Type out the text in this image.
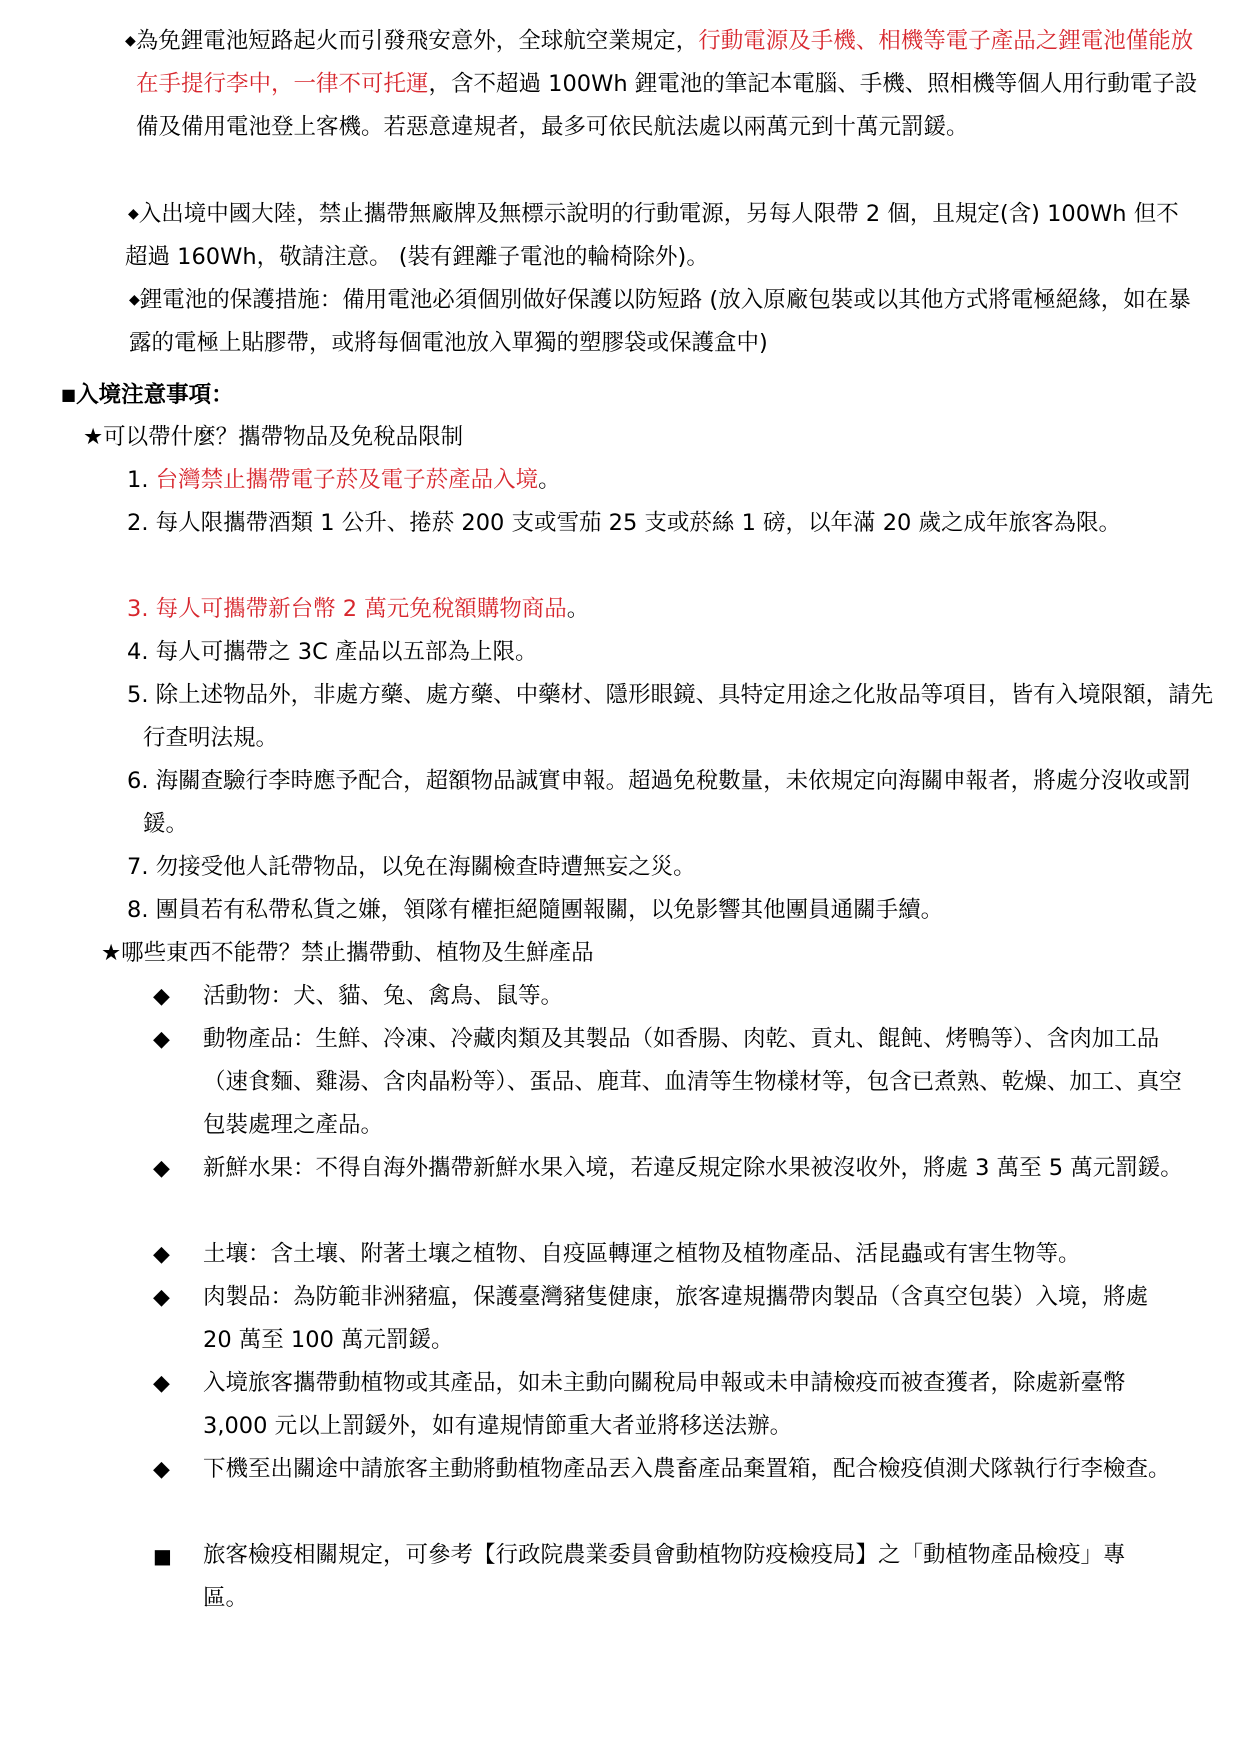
◆為免鋰電池短路起火而引發飛安意外，全球航空業規定，行動電源及手機、相機等電子產品之鋰電池僅能放在手提行李中，一律不可托運，含不超過 100Wh 鋰電池的筆記本電腦、手機、照相機等個人用行動電子設備及備用電池登上客機。若惡意違規者，最多可依民航法處以兩萬元到十萬元罰鍰。
◆入出境中國大陸，禁止攜帶無廠牌及無標示說明的行動電源，另每人限帶 2 個，且規定(含) 100Wh 但不超過 160Wh，敬請注意。 (裝有鋰離子電池的輪椅除外)。
◆鋰電池的保護措施：備用電池必須個別做好保護以防短路 (放入原廠包裝或以其他方式將電極絕緣，如在暴露的電極上貼膠帶，或將每個電池放入單獨的塑膠袋或保護盒中)
■入境注意事項：
★可以帶什麼？攜帶物品及免稅品限制
1. 台灣禁止攜帶電子菸及電子菸產品入境。
2. 每人限攜帶酒類 1 公升、捲菸 200 支或雪茄 25 支或菸絲 1 磅，以年滿 20 歲之成年旅客為限。
3. 每人可攜帶新台幣 2 萬元免稅額購物商品。
4. 每人可攜帶之 3C 產品以五部為上限。
5. 除上述物品外，非處方藥、處方藥、中藥材、隱形眼鏡、具特定用途之化妝品等項目，皆有入境限額，請先行查明法規。
6. 海關查驗行李時應予配合，超額物品誠實申報。超過免稅數量，未依規定向海關申報者，將處分沒收或罰鍰。
7. 勿接受他人託帶物品，以免在海關檢查時遭無妄之災。
8. 團員若有私帶私貨之嫌，領隊有權拒絕隨團報關，以免影響其他團員通關手續。
★哪些東西不能帶？禁止攜帶動、植物及生鮮產品
◆ 活動物：犬、貓、兔、禽鳥、鼠等。
◆ 動物產品：生鮮、冷凍、冷藏肉類及其製品（如香腸、肉乾、貢丸、餛飩、烤鴨等）、含肉加工品（速食麵、雞湯、含肉晶粉等）、蛋品、鹿茸、血清等生物樣材等，包含已煮熟、乾燥、加工、真空包裝處理之產品。
◆ 新鮮水果：不得自海外攜帶新鮮水果入境，若違反規定除水果被沒收外，將處 3 萬至 5 萬元罰鍰。
◆ 土壤：含土壤、附著土壤之植物、自疫區轉運之植物及植物產品、活昆蟲或有害生物等。
◆ 肉製品：為防範非洲豬瘟，保護臺灣豬隻健康，旅客違規攜帶肉製品（含真空包裝）入境，將處 20 萬至 100 萬元罰鍰。
◆ 入境旅客攜帶動植物或其產品，如未主動向關稅局申報或未申請檢疫而被查獲者，除處新臺幣 3,000 元以上罰鍰外，如有違規情節重大者並將移送法辦。
◆ 下機至出關途中請旅客主動將動植物產品丟入農畜產品棄置箱，配合檢疫偵測犬隊執行行李檢查。
■ 旅客檢疫相關規定，可參考【行政院農業委員會動植物防疫檢疫局】之「動植物產品檢疫」專區。
